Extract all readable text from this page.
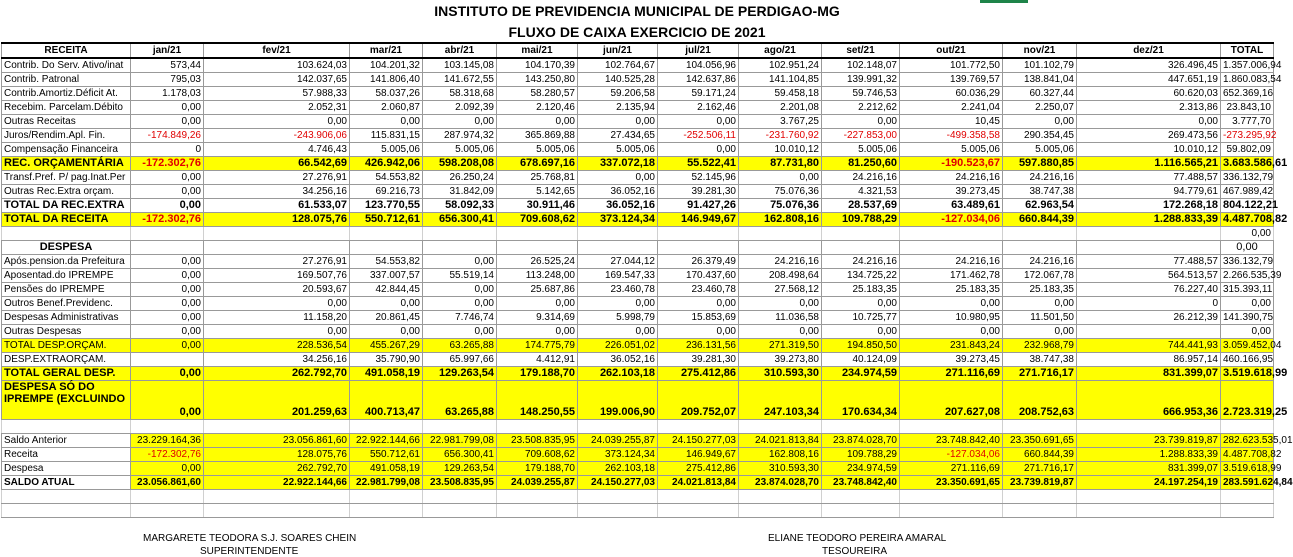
INSTITUTO DE PREVIDENCIA MUNICIPAL DE PERDIGAO-MG
FLUXO DE CAIXA EXERCICIO DE 2021
RECEITA	jan/21	fev/21	mar/21	abr/21	mai/21	jun/21	jul/21	ago/21	set/21	out/21	nov/21	dez/21	TOTAL
Contrib. Do Serv. Ativo/inat	573,44	103.624,03	104.201,32	103.145,08	104.170,39	102.764,67	104.056,96	102.951,24	102.148,07	101.772,50	101.102,79	326.496,45	1.357.006,94
Contrib. Patronal	795,03	142.037,65	141.806,40	141.672,55	143.250,80	140.525,28	142.637,86	141.104,85	139.991,32	139.769,57	138.841,04	447.651,19	1.860.083,54
Contrib.Amortiz.Déficit At.	1.178,03	57.988,33	58.037,26	58.318,68	58.280,57	59.206,58	59.171,24	59.458,18	59.746,53	60.036,29	60.327,44	60.620,03	652.369,16
Recebim. Parcelam.Débito	0,00	2.052,31	2.060,87	2.092,39	2.120,46	2.135,94	2.162,46	2.201,08	2.212,62	2.241,04	2.250,07	2.313,86	23.843,10
Outras Receitas	0,00	0,00	0,00	0,00	0,00	0,00	0,00	3.767,25	0,00	10,45	0,00	0,00	3.777,70
Juros/Rendim.Apl. Fin.	-174.849,26	-243.906,06	115.831,15	287.974,32	365.869,88	27.434,65	-252.506,11	-231.760,92	-227.853,00	-499.358,58	290.354,45	269.473,56	-273.295,92
Compensação Financeira	0	4.746,43	5.005,06	5.005,06	5.005,06	5.005,06	0,00	10.010,12	5.005,06	5.005,06	5.005,06	10.010,12	59.802,09
REC. ORÇAMENTÁRIA	-172.302,76	66.542,69	426.942,06	598.208,08	678.697,16	337.072,18	55.522,41	87.731,80	81.250,60	-190.523,67	597.880,85	1.116.565,21	3.683.586,61
Transf.Pref. P/ pag.Inat.Per	0,00	27.276,91	54.553,82	26.250,24	25.768,81	0,00	52.145,96	0,00	24.216,16	24.216,16	24.216,16	77.488,57	336.132,79
Outras Rec.Extra orçam.	0,00	34.256,16	69.216,73	31.842,09	5.142,65	36.052,16	39.281,30	75.076,36	4.321,53	39.273,45	38.747,38	94.779,61	467.989,42
TOTAL DA REC.EXTRA	0,00	61.533,07	123.770,55	58.092,33	30.911,46	36.052,16	91.427,26	75.076,36	28.537,69	63.489,61	62.963,54	172.268,18	804.122,21
TOTAL DA RECEITA	-172.302,76	128.075,76	550.712,61	656.300,41	709.608,62	373.124,34	146.949,67	162.808,16	109.788,29	-127.034,06	660.844,39	1.288.833,39	4.487.708,82
													0,00
DESPESA													0,00
Após.pension.da Prefeitura	0,00	27.276,91	54.553,82	0,00	26.525,24	27.044,12	26.379,49	24.216,16	24.216,16	24.216,16	24.216,16	77.488,57	336.132,79
Aposentad.do IPREMPE	0,00	169.507,76	337.007,57	55.519,14	113.248,00	169.547,33	170.437,60	208.498,64	134.725,22	171.462,78	172.067,78	564.513,57	2.266.535,39
Pensões do IPREMPE	0,00	20.593,67	42.844,45	0,00	25.687,86	23.460,78	23.460,78	27.568,12	25.183,35	25.183,35	25.183,35	76.227,40	315.393,11
Outros Benef.Previdenc.	0,00	0,00	0,00	0,00	0,00	0,00	0,00	0,00	0,00	0,00	0,00	0	0,00
Despesas Administrativas	0,00	11.158,20	20.861,45	7.746,74	9.314,69	5.998,79	15.853,69	11.036,58	10.725,77	10.980,95	11.501,50	26.212,39	141.390,75
Outras Despesas	0,00	0,00	0,00	0,00	0,00	0,00	0,00	0,00	0,00	0,00	0,00		0,00
TOTAL DESP.ORÇAM.	0,00	228.536,54	455.267,29	63.265,88	174.775,79	226.051,02	236.131,56	271.319,50	194.850,50	231.843,24	232.968,79	744.441,93	3.059.452,04
DESP.EXTRAORÇAM.		34.256,16	35.790,90	65.997,66	4.412,91	36.052,16	39.281,30	39.273,80	40.124,09	39.273,45	38.747,38	86.957,14	460.166,95
TOTAL GERAL DESP.	0,00	262.792,70	491.058,19	129.263,54	179.188,70	262.103,18	275.412,86	310.593,30	234.974,59	271.116,69	271.716,17	831.399,07	3.519.618,99
DESPESA SÓ DO IPREMPE (EXCLUINDO	0,00	201.259,63	400.713,47	63.265,88	148.250,55	199.006,90	209.752,07	247.103,34	170.634,34	207.627,08	208.752,63	666.953,36	2.723.319,25

Saldo Anterior	23.229.164,36	23.056.861,60	22.922.144,66	22.981.799,08	23.508.835,95	24.039.255,87	24.150.277,03	24.021.813,84	23.874.028,70	23.748.842,40	23.350.691,65	23.739.819,87	282.623.535,01
Receita	-172.302,76	128.075,76	550.712,61	656.300,41	709.608,62	373.124,34	146.949,67	162.808,16	109.788,29	-127.034,06	660.844,39	1.288.833,39	4.487.708,82
Despesa	0,00	262.792,70	491.058,19	129.263,54	179.188,70	262.103,18	275.412,86	310.593,30	234.974,59	271.116,69	271.716,17	831.399,07	3.519.618,99
SALDO ATUAL	23.056.861,60	22.922.144,66	22.981.799,08	23.508.835,95	24.039.255,87	24.150.277,03	24.021.813,84	23.874.028,70	23.748.842,40	23.350.691,65	23.739.819,87	24.197.254,19	283.591.624,84

MARGARETE TEODORA S.J. SOARES CHEIN
SUPERINTENDENTE
ELIANE TEODORO PEREIRA AMARAL
TESOUREIRA
